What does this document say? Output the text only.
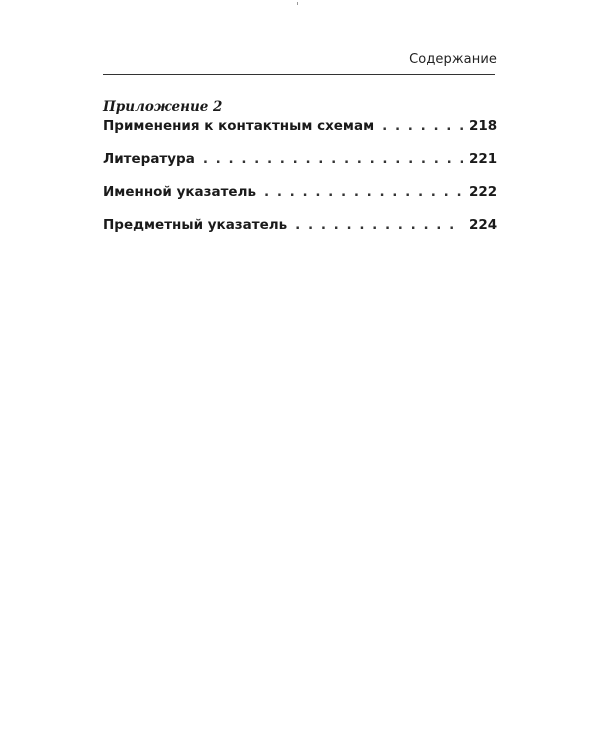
Содержание
Приложение 2
Применения к контактным схемам . . .	218
Литература . . .	221
Именной указатель . . .	222
Предметный указатель . . .	224
